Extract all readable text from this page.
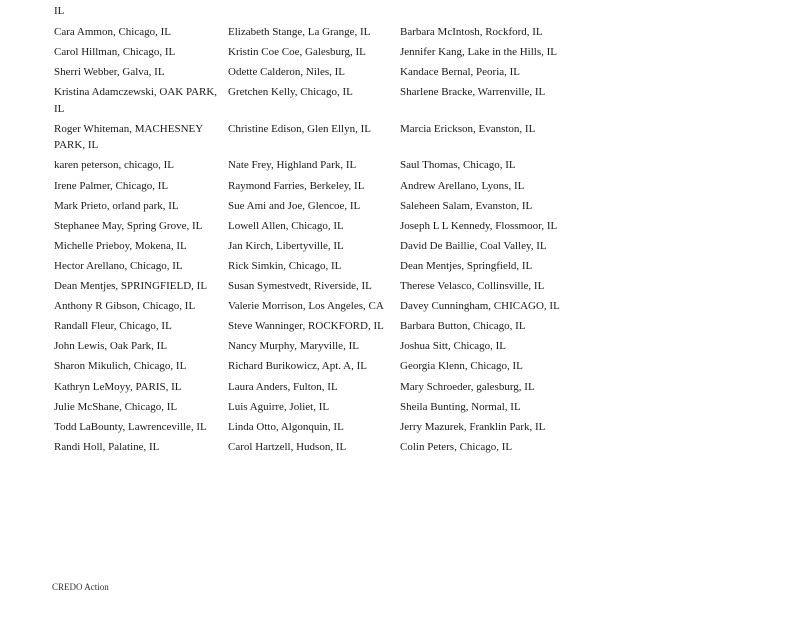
IL
Cara Ammon, Chicago, IL	Elizabeth Stange, La Grange, IL	Barbara McIntosh, Rockford, IL
Carol Hillman, Chicago, IL	Kristin Coe Coe, Galesburg, IL	Jennifer Kang, Lake in the Hills, IL
Sherri Webber, Galva, IL	Odette Calderon, Niles, IL	Kandace Bernal, Peoria, IL
Kristina Adamczewski, OAK PARK, IL	Gretchen Kelly, Chicago, IL	Sharlene Bracke, Warrenville, IL
Roger Whiteman, MACHESNEY PARK, IL	Christine Edison, Glen Ellyn, IL	Marcia Erickson, Evanston, IL
karen peterson, chicago, IL	Nate Frey, Highland Park, IL	Saul Thomas, Chicago, IL
Irene Palmer, Chicago, IL	Raymond Farries, Berkeley, IL	Andrew Arellano, Lyons, IL
Mark Prieto, orland park, IL	Sue Ami and Joe, Glencoe, IL	Saleheen Salam, Evanston, IL
Stephanee May, Spring Grove, IL	Lowell Allen, Chicago, IL	Joseph L L Kennedy, Flossmoor, IL
Michelle Prieboy, Mokena, IL	Jan Kirch, Libertyville, IL	David De Baillie, Coal Valley, IL
Hector Arellano, Chicago, IL	Rick Simkin, Chicago, IL	Dean Mentjes, Springfield, IL
Dean Mentjes, SPRINGFIELD, IL	Susan Symestvedt, Riverside, IL	Therese Velasco, Collinsville, IL
Anthony R Gibson, Chicago, IL	Valerie Morrison, Los Angeles, CA	Davey Cunningham, CHICAGO, IL
Randall Fleur, Chicago, IL	Steve Wanninger, ROCKFORD, IL	Barbara Button, Chicago, IL
John Lewis, Oak Park, IL	Nancy Murphy, Maryville, IL	Joshua Sitt, Chicago, IL
Sharon Mikulich, Chicago, IL	Richard Burikowicz, Apt. A, IL	Georgia Klenn, Chicago, IL
Kathryn LeMoyy, PARIS, IL	Laura Anders, Fulton, IL	Mary Schroeder, galesburg, IL
Julie McShane, Chicago, IL	Luis Aguirre, Joliet, IL	Sheila Bunting, Normal, IL
Todd LaBounty, Lawrenceville, IL	Linda Otto, Algonquin, IL	Jerry Mazurek, Franklin Park, IL
Randi Holl, Palatine, IL	Carol Hartzell, Hudson, IL	Colin Peters, Chicago, IL
CREDO Action
